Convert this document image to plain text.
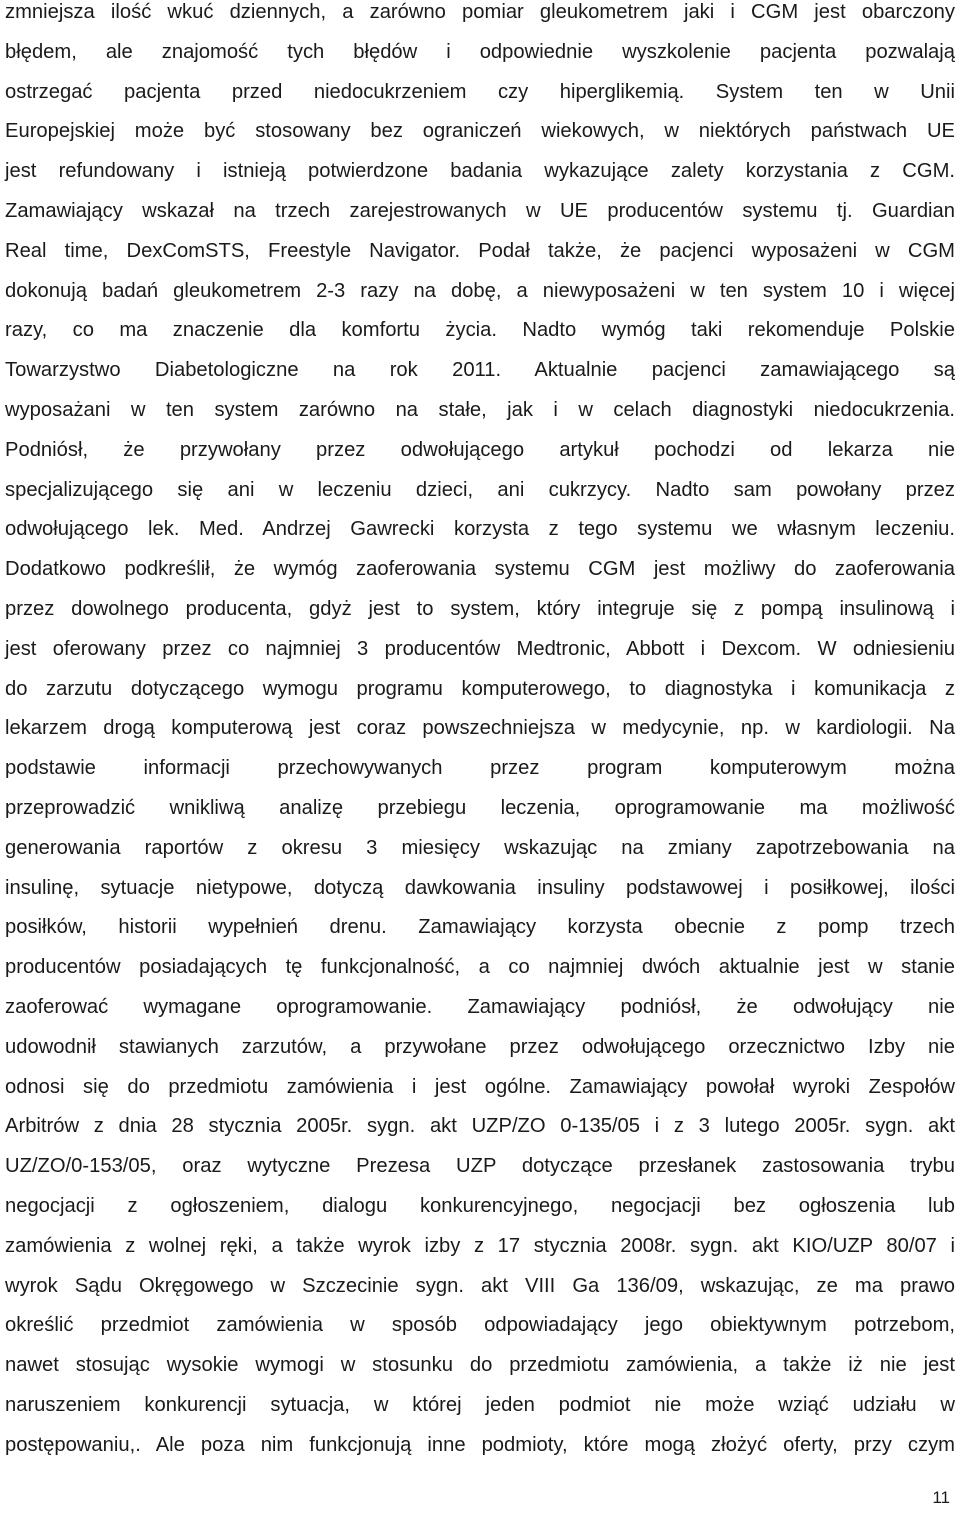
zmniejsza ilość wkuć dziennych, a zarówno pomiar gleukometrem jaki i CGM jest obarczony
błędem, ale znajomość tych błędów i odpowiednie wyszkolenie pacjenta pozwalają
ostrzegać pacjenta przed niedocukrzeniem czy hiperglikemią. System ten w Unii
Europejskiej może być stosowany bez ograniczeń wiekowych, w niektórych państwach UE
jest refundowany i istnieją potwierdzone badania wykazujące zalety korzystania z CGM.
Zamawiający wskazał na trzech zarejestrowanych w UE producentów systemu tj. Guardian
Real time, DexComSTS, Freestyle Navigator. Podał także, że pacjenci wyposażeni w CGM
dokonują badań gleukometrem 2-3 razy na dobę, a niewyposażeni w ten system 10 i więcej
razy, co ma znaczenie dla komfortu życia. Nadto wymóg taki rekomenduje Polskie
Towarzystwo Diabetologiczne na rok 2011. Aktualnie pacjenci zamawiającego są
wyposażani w ten system zarówno na stałe, jak i w celach diagnostyki niedocukrzenia.
Podniósł, że przywołany przez odwołującego artykuł pochodzi od lekarza nie
specjalizującego się ani w leczeniu dzieci, ani cukrzycy. Nadto sam powołany przez
odwołującego lek. Med. Andrzej Gawrecki korzysta z tego systemu we własnym leczeniu.
Dodatkowo podkreślił, że wymóg zaoferowania systemu CGM jest możliwy do zaoferowania
przez dowolnego producenta, gdyż jest to system, który integruje się z pompą insulinową i
jest oferowany przez co najmniej 3 producentów Medtronic, Abbott i Dexcom. W odniesieniu
do zarzutu dotyczącego wymogu programu komputerowego, to diagnostyka i komunikacja z
lekarzem drogą komputerową jest coraz powszechniejsza w medycynie, np. w kardiologii. Na
podstawie informacji przechowywanych przez program komputerowym można
przeprowadzić wnikliwą analizę przebiegu leczenia, oprogramowanie ma możliwość
generowania raportów z okresu 3 miesięcy wskazując na zmiany zapotrzebowania na
insulinę, sytuacje nietypowe, dotyczą dawkowania insuliny podstawowej i posiłkowej, ilości
posiłków, historii wypełnień drenu. Zamawiający korzysta obecnie z pomp trzech
producentów posiadających tę funkcjonalność, a co najmniej dwóch aktualnie jest w stanie
zaoferować wymagane oprogramowanie. Zamawiający podniósł, że odwołujący nie
udowodnił stawianych zarzutów, a przywołane przez odwołującego orzecznictwo Izby nie
odnosi się do przedmiotu zamówienia i jest ogólne. Zamawiający powołał wyroki Zespołów
Arbitrów z dnia 28 stycznia 2005r. sygn. akt UZP/ZO 0-135/05 i z 3 lutego 2005r. sygn. akt
UZ/ZO/0-153/05, oraz wytyczne Prezesa UZP dotyczące przesłanek zastosowania trybu
negocjacji z ogłoszeniem, dialogu konkurencyjnego, negocjacji bez ogłoszenia lub
zamówienia z wolnej ręki, a także wyrok izby z 17 stycznia 2008r. sygn. akt KIO/UZP 80/07 i
wyrok Sądu Okręgowego w Szczecinie sygn. akt VIII Ga 136/09, wskazując, ze ma prawo
określić przedmiot zamówienia w sposób odpowiadający jego obiektywnym potrzebom,
nawet stosując wysokie wymogi w stosunku do przedmiotu zamówienia, a także iż nie jest
naruszeniem konkurencji sytuacja, w której jeden podmiot nie może wziąć udziału w
postępowaniu,. Ale poza nim funkcjonują inne podmioty, które mogą złożyć oferty, przy czym
11
